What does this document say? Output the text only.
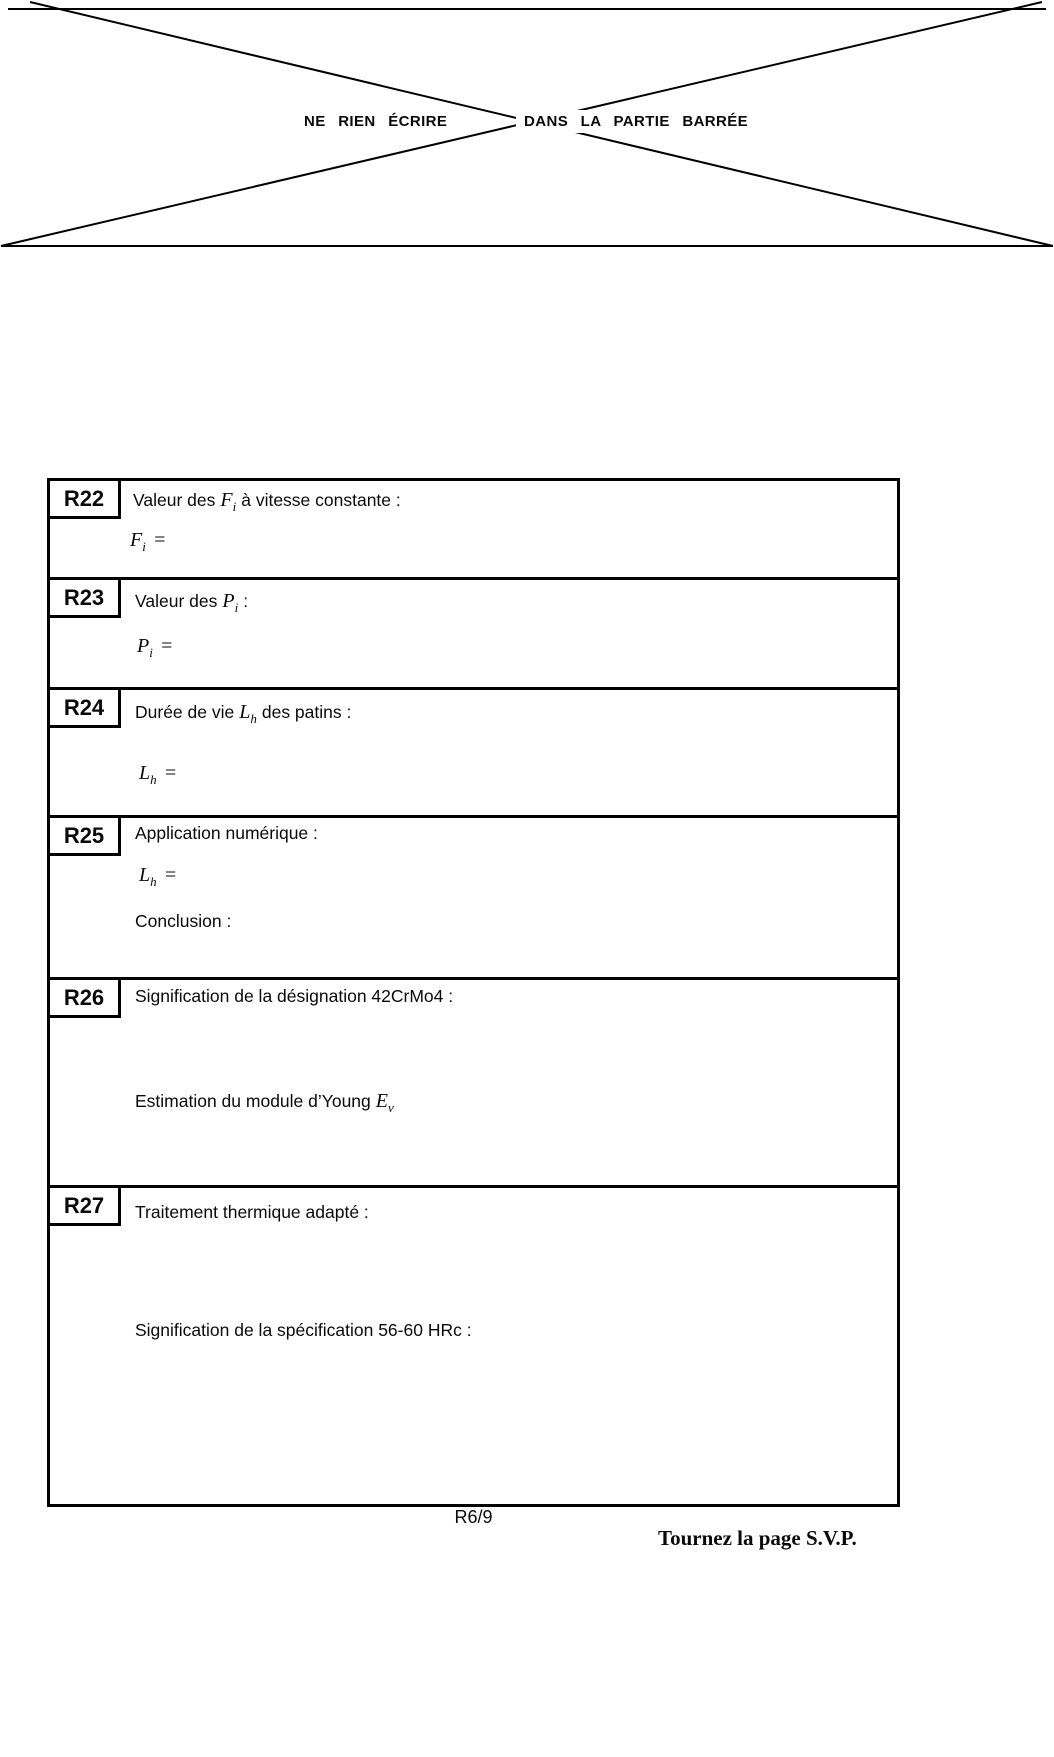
NE RIEN ÉCRIRE	DANS LA PARTIE BARRÉE
R22 Valeur des $F_i$ à vitesse constante :
$F_i$ =
R23 Valeur des $P_i$ :
$P_i$ =
R24 Durée de vie $L_h$ des patins :
$L_h$ =
R25 Application numérique :
$L_h$ =
Conclusion :
R26 Signification de la désignation 42CrMo4 :
Estimation du module d’Young $E_v$
R27 Traitement thermique adapté :
Signification de la spécification 56-60 HRc :
R6/9
Tournez la page S.V.P.
